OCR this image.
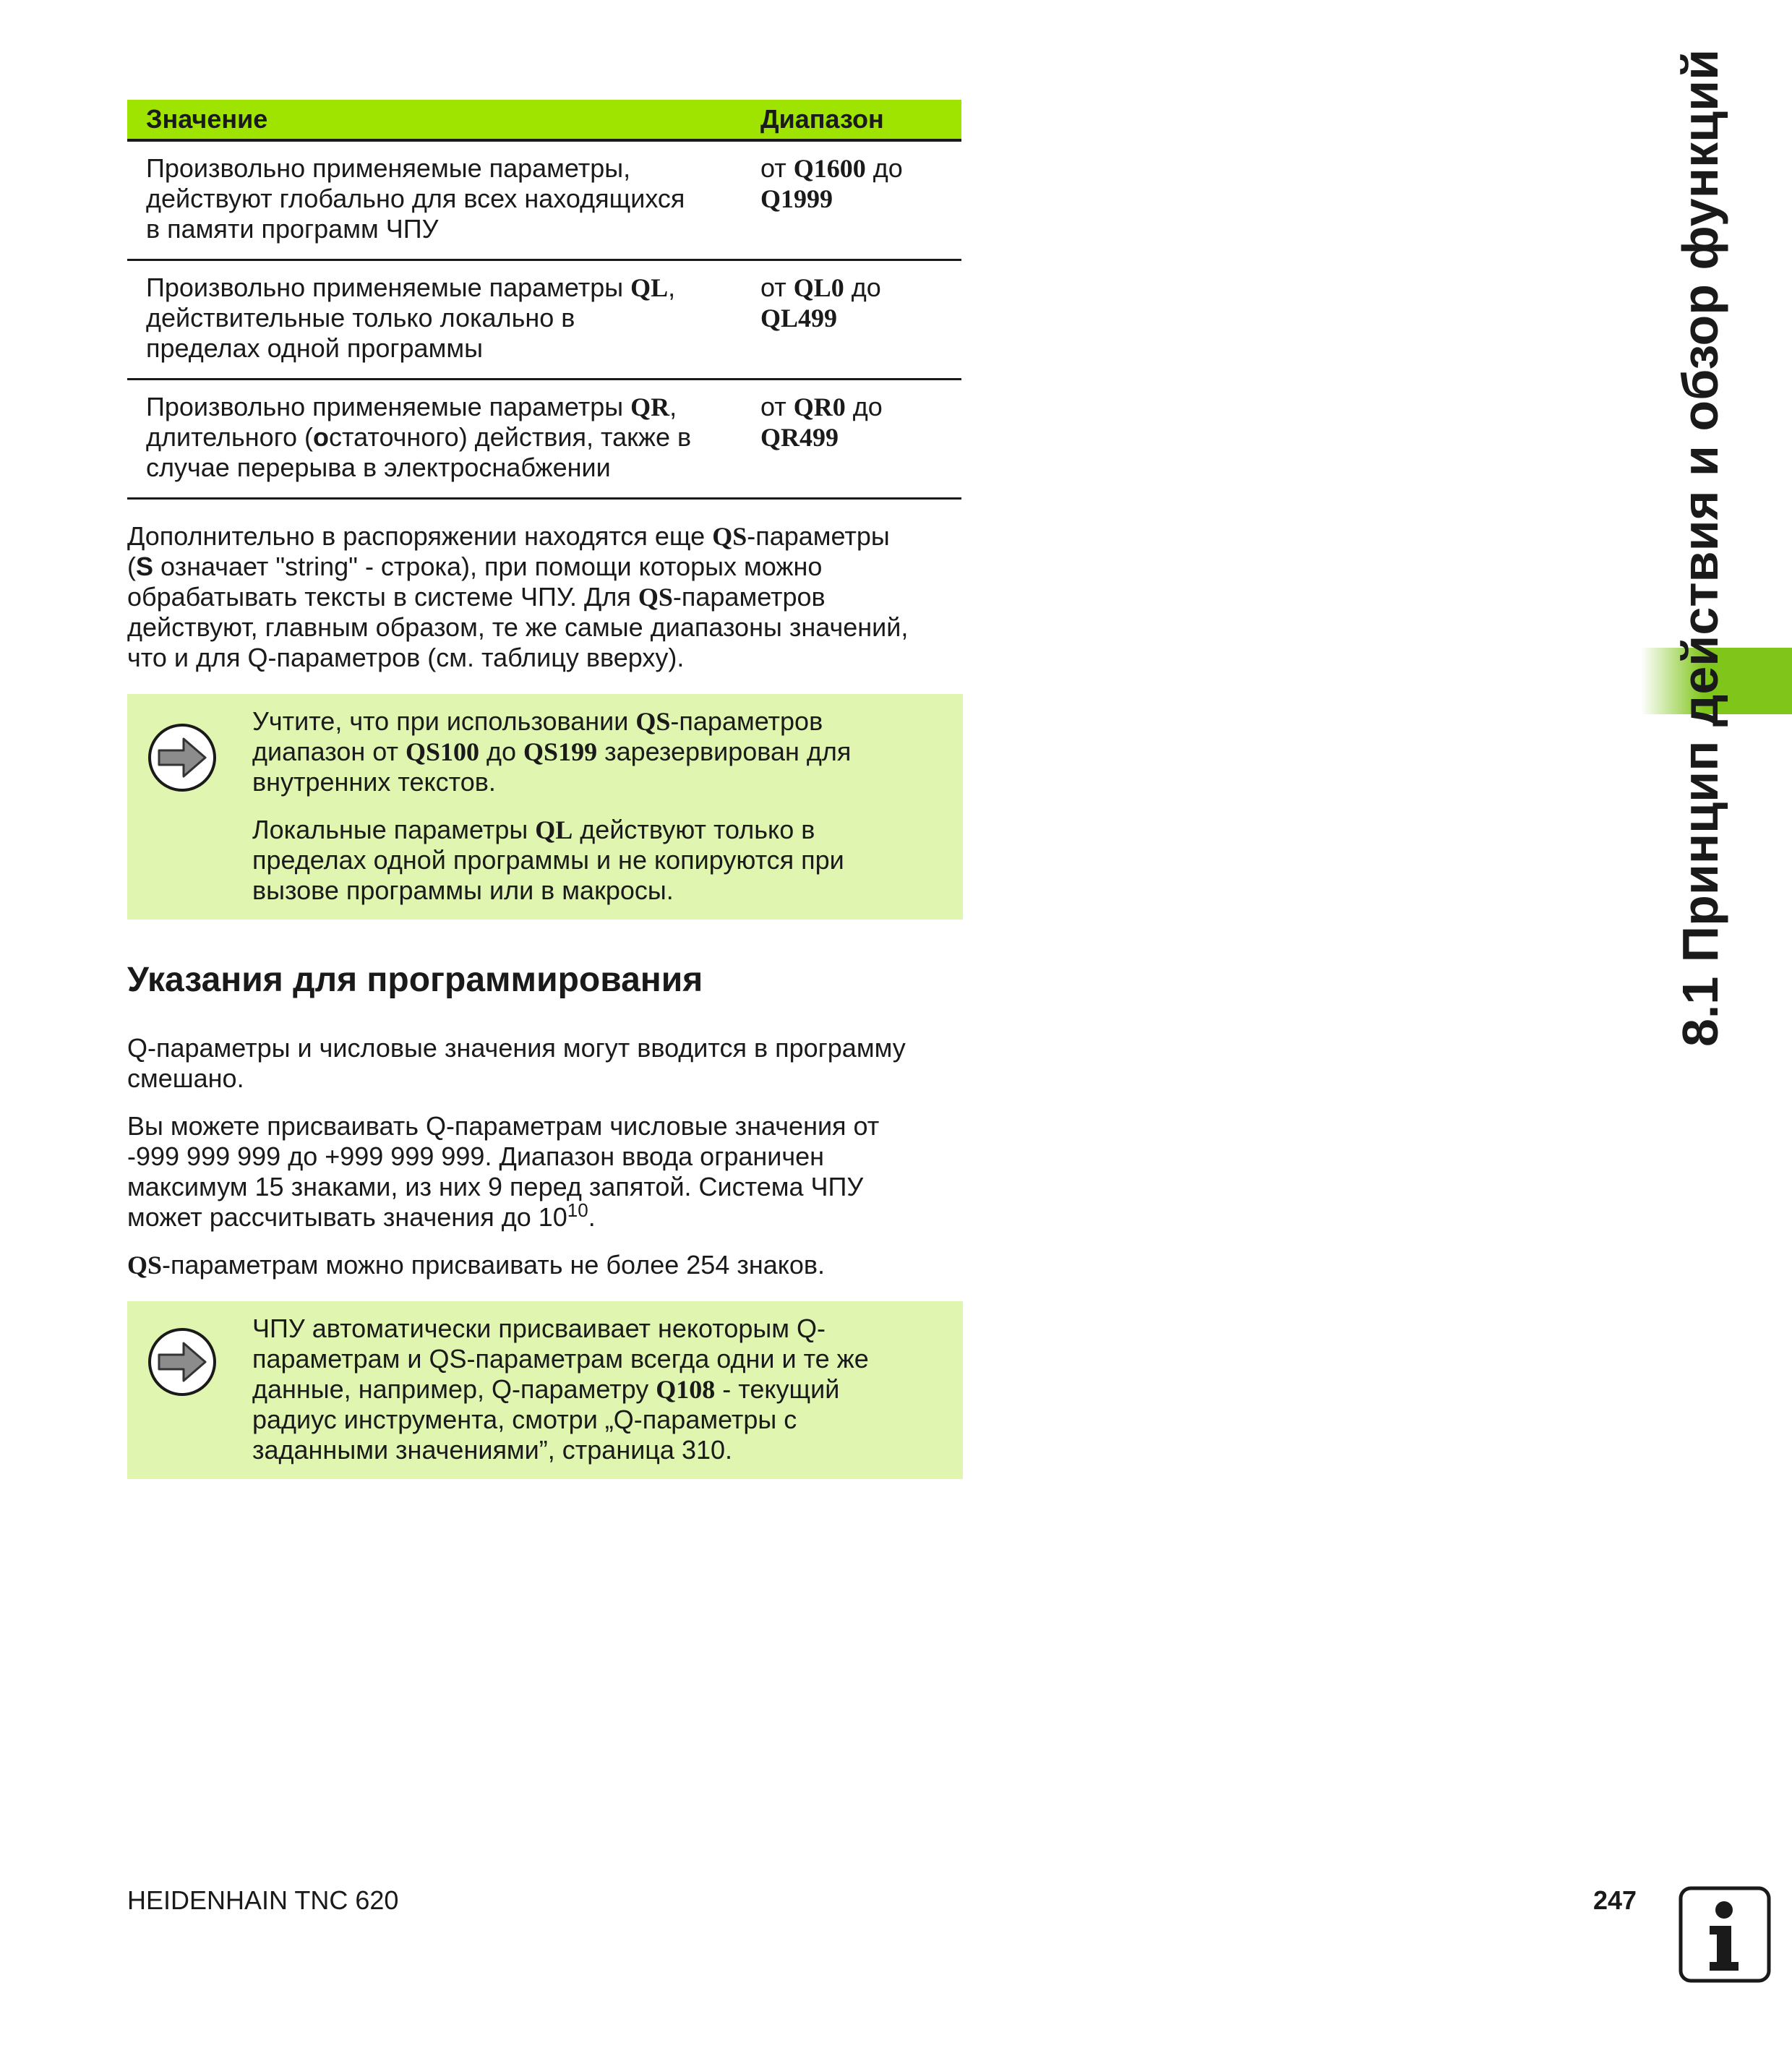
Значение	Диапазон
Произвольно применяемые параметры,
действуют глобально для всех находящихся
в памяти программ ЧПУ	от Q1600 до
Q1999
Произвольно применяемые параметры QL,
действительные только локально в
пределах одной программы	от QL0 до
QL499
Произвольно применяемые параметры QR,
длительного (остаточного) действия, также в
случае перерыва в электроснабжении	от QR0 до
QR499

Дополнительно в распоряжении находятся еще QS-параметры
(S означает "string" - строка), при помощи которых можно
обрабатывать тексты в системе ЧПУ. Для QS-параметров
действуют, главным образом, те же самые диапазоны значений,
что и для Q-параметров (см. таблицу вверху).

Учтите, что при использовании QS-параметров
диапазон от QS100 до QS199 зарезервирован для
внутренних текстов.

Локальные параметры QL действуют только в
пределах одной программы и не копируются при
вызове программы или в макросы.

Указания для программирования

Q-параметры и числовые значения могут вводится в программу
смешано.

Вы можете присваивать Q-параметрам числовые значения от
-999 999 999 до +999 999 999. Диапазон ввода ограничен
максимум 15 знаками, из них 9 перед запятой. Система ЧПУ
может рассчитывать значения до $10^{10}$.

QS-параметрам можно присваивать не более 254 знаков.

ЧПУ автоматически присваивает некоторым Q-
параметрам и QS-параметрам всегда одни и те же
данные, например, Q-параметру Q108 - текущий
радиус инструмента, смотри „Q-параметры с
заданными значениями”, страница 310.

8.1 Принцип действия и обзор функций
HEIDENHAIN TNC 620	247
